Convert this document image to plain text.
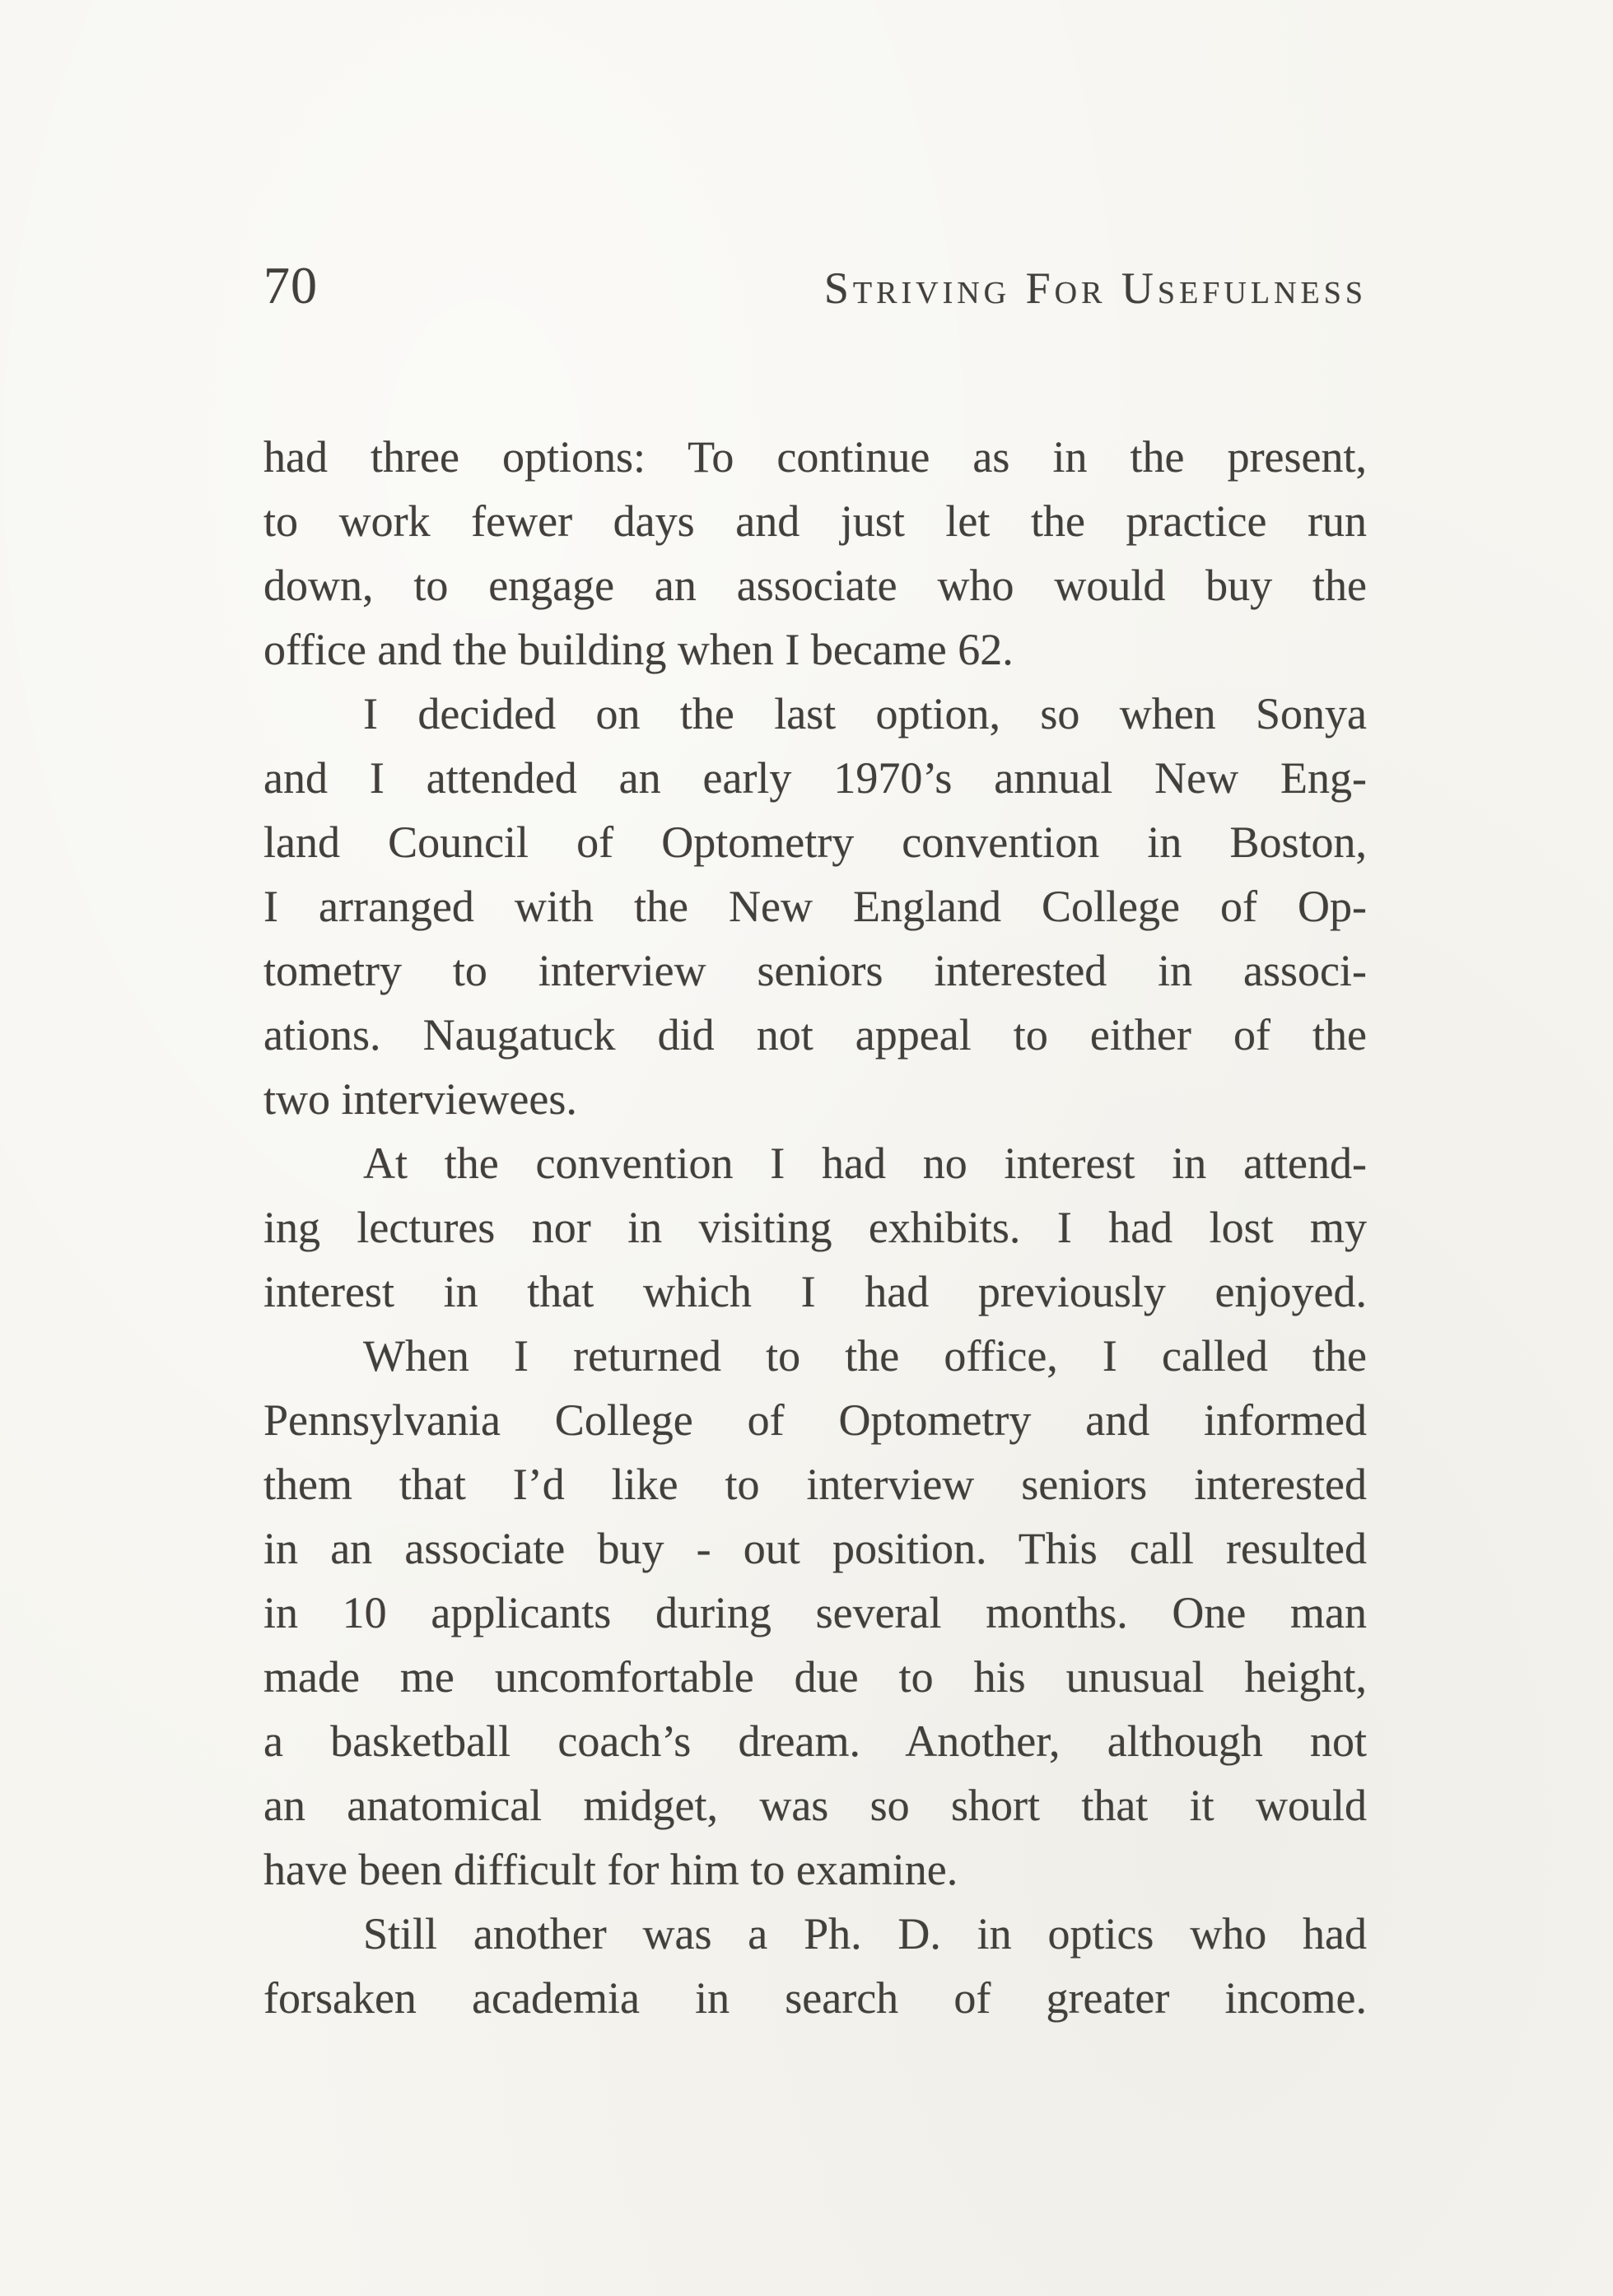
70	Striving For Usefulness
had three options: To continue as in the present,
to work fewer days and just let the practice run
down, to engage an associate who would buy the
office and the building when I became 62.
I decided on the last option, so when Sonya
and I attended an early 1970’s annual New Eng-
land Council of Optometry convention in Boston,
I arranged with the New England College of Op-
tometry to interview seniors interested in associ-
ations. Naugatuck did not appeal to either of the
two interviewees.
At the convention I had no interest in attend-
ing lectures nor in visiting exhibits. I had lost my
interest in that which I had previously enjoyed.
When I returned to the office, I called the
Pennsylvania College of Optometry and informed
them that I’d like to interview seniors interested
in an associate buy - out position. This call resulted
in 10 applicants during several months. One man
made me uncomfortable due to his unusual height,
a basketball coach’s dream. Another, although not
an anatomical midget, was so short that it would
have been difficult for him to examine.
Still another was a Ph. D. in optics who had
forsaken academia in search of greater income.
